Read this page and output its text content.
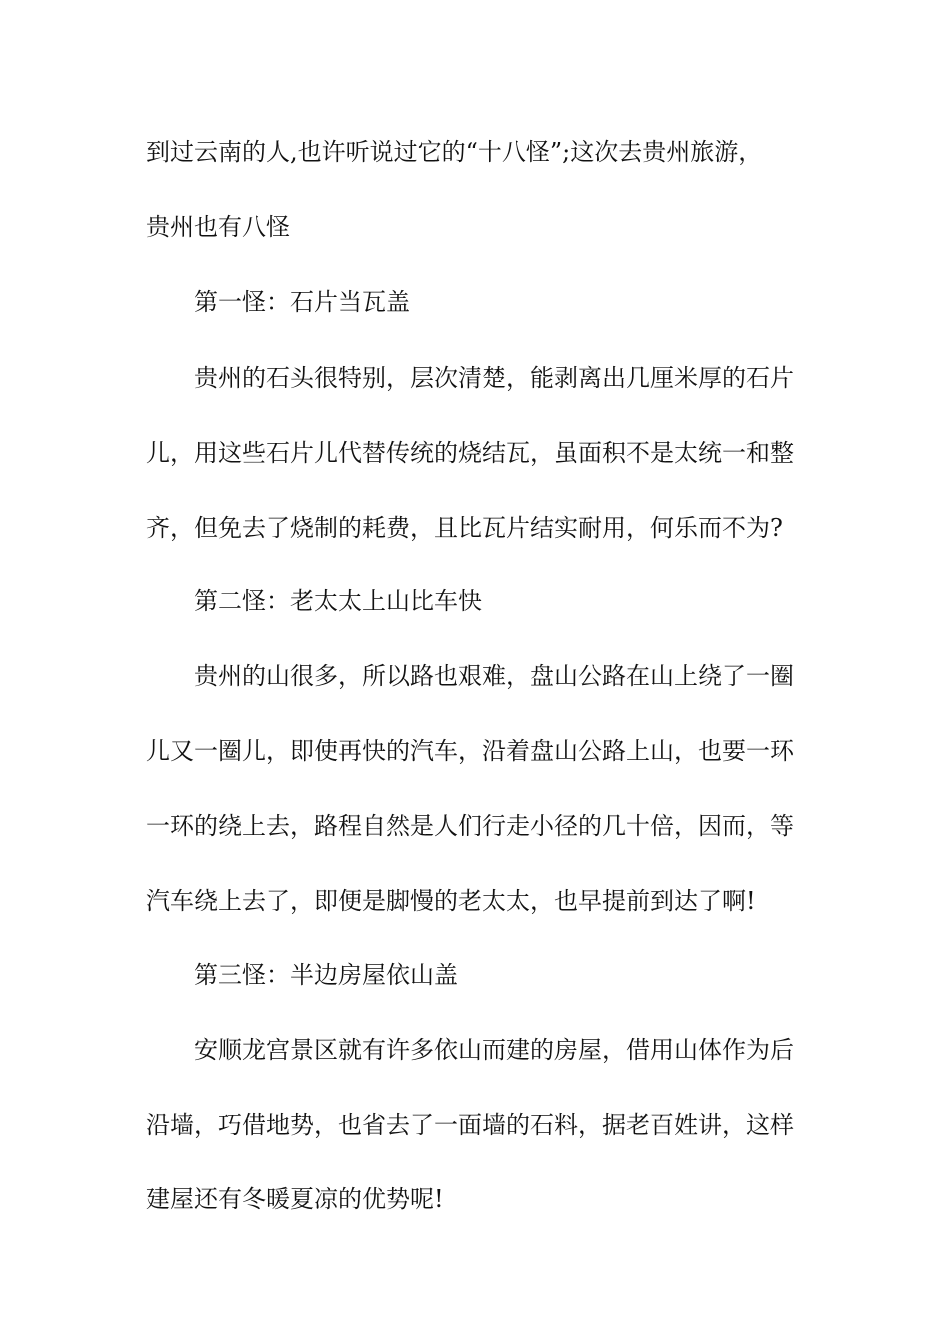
到过云南的人,也许听说过它的“十八怪”;这次去贵州旅游，

贵州也有八怪

第一怪：石片当瓦盖

贵州的石头很特别，层次清楚，能剥离出几厘米厚的石片

儿，用这些石片儿代替传统的烧结瓦，虽面积不是太统一和整

齐，但免去了烧制的耗费，且比瓦片结实耐用，何乐而不为?

第二怪：老太太上山比车快

贵州的山很多，所以路也艰难，盘山公路在山上绕了一圈

儿又一圈儿，即使再快的汽车，沿着盘山公路上山，也要一环

一环的绕上去，路程自然是人们行走小径的几十倍，因而，等

汽车绕上去了，即便是脚慢的老太太，也早提前到达了啊!

第三怪：半边房屋依山盖

安顺龙宫景区就有许多依山而建的房屋，借用山体作为后

沿墙，巧借地势，也省去了一面墙的石料，据老百姓讲，这样

建屋还有冬暖夏凉的优势呢!
